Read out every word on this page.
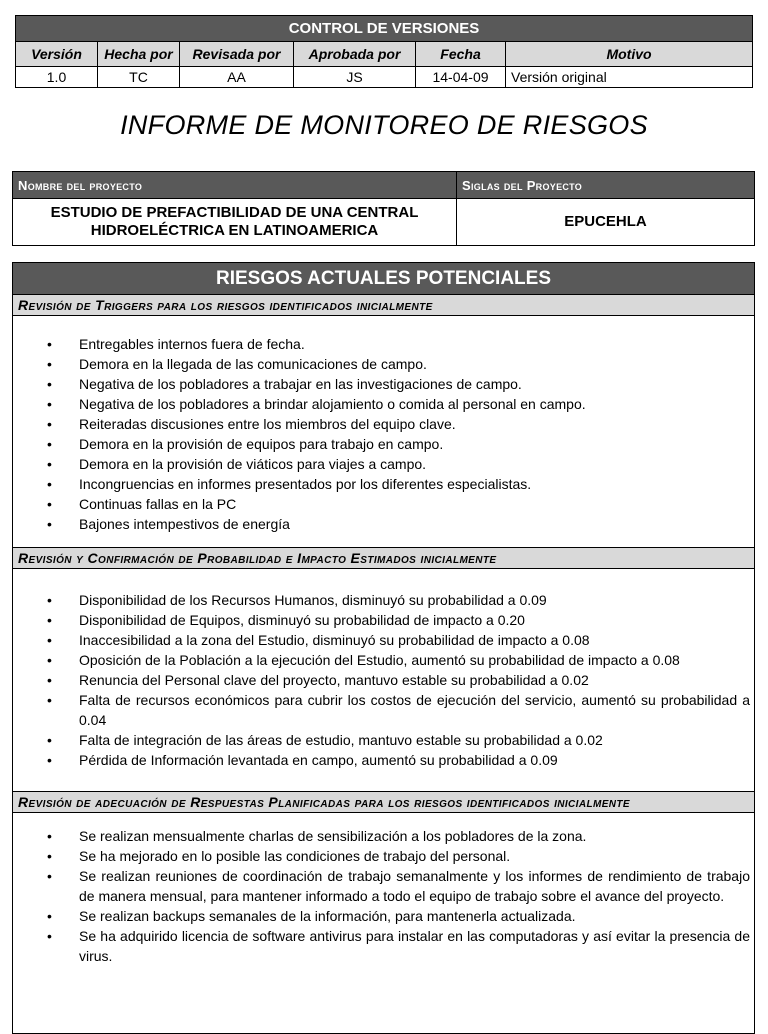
CONTROL DE VERSIONES					
Versión	Hecha por	Revisada por	Aprobada por	Fecha	Motivo
1.0	TC	AA	JS	14-04-09	Versión original
INFORME DE MONITOREO DE RIESGOS
Nombre del proyecto	Siglas del Proyecto

ESTUDIO DE PREFACTIBILIDAD DE UNA CENTRAL
HIDROELÉCTRICA EN LATINOAMERICA	EPUCEHLA
RIESGOS ACTUALES POTENCIALES
Revisión de Triggers para los riesgos identificados inicialmente
• Entregables internos fuera de fecha.
• Demora en la llegada de las comunicaciones de campo.
• Negativa de los pobladores a trabajar en las investigaciones de campo.
• Negativa de los pobladores a brindar alojamiento o comida al personal en campo.
• Reiteradas discusiones entre los miembros del equipo clave.
• Demora en la provisión de equipos para trabajo en campo.
• Demora en la provisión de viáticos para viajes a campo.
• Incongruencias en informes presentados por los diferentes especialistas.
• Continuas fallas en la PC
• Bajones intempestivos de energía
Revisión y Confirmación de Probabilidad e Impacto Estimados inicialmente
• Disponibilidad de los Recursos Humanos, disminuyó su probabilidad a 0.09
• Disponibilidad de Equipos, disminuyó su probabilidad de impacto a 0.20
• Inaccesibilidad a la zona del Estudio, disminuyó su probabilidad de impacto a 0.08
• Oposición de la Población a la ejecución del Estudio, aumentó su probabilidad de impacto a 0.08
• Renuncia del Personal clave del proyecto, mantuvo estable su probabilidad a 0.02
• Falta de recursos económicos para cubrir los costos de ejecución del servicio, aumentó su probabilidad a 0.04
• Falta de integración de las áreas de estudio, mantuvo estable su probabilidad a 0.02
• Pérdida de Información levantada en campo, aumentó su probabilidad a 0.09
Revisión de adecuación de Respuestas Planificadas para los riesgos identificados inicialmente
• Se realizan mensualmente charlas de sensibilización a los pobladores de la zona.
• Se ha mejorado en lo posible las condiciones de trabajo del personal.
• Se realizan reuniones de coordinación de trabajo semanalmente y los informes de rendimiento de trabajo de manera mensual, para mantener informado a todo el equipo de trabajo sobre el avance del proyecto.
• Se realizan backups semanales de la información, para mantenerla actualizada.
• Se ha adquirido licencia de software antivirus para instalar en las computadoras y así evitar la presencia de virus.
